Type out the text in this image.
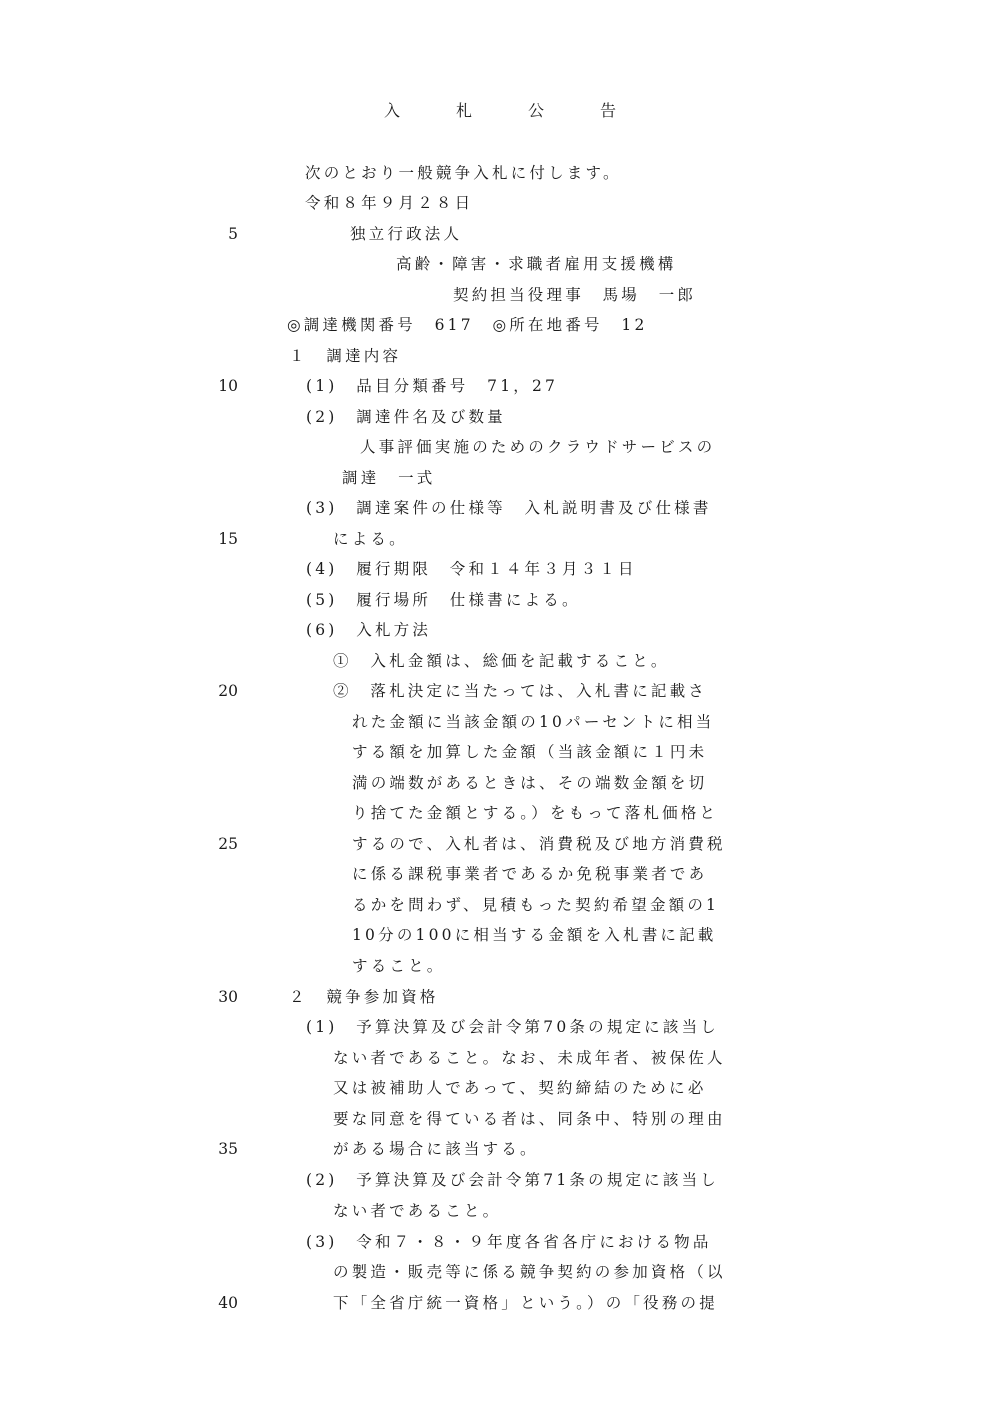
入　札　公　告
5
10
15
20
25
30
35
40
次のとおり一般競争入札に付します。
令和８年９月２８日
独立行政法人
高齢・障害・求職者雇用支援機構
契約担当役理事　馬場　一郎
◎調達機関番号　617　◎所在地番号　12
１　調達内容
(1)　品目分類番号　71，27
(2)　調達件名及び数量
人事評価実施のためのクラウドサービスの
調達　一式
(3)　調達案件の仕様等　入札説明書及び仕様書
による。
(4)　履行期限　令和１４年３月３１日
(5)　履行場所　仕様書による。
(6)　入札方法
①　入札金額は、総価を記載すること。
②　落札決定に当たっては、入札書に記載さ
れた金額に当該金額の10パーセントに相当
する額を加算した金額（当該金額に１円未
満の端数があるときは、その端数金額を切
り捨てた金額とする。）をもって落札価格と
するので、入札者は、消費税及び地方消費税
に係る課税事業者であるか免税事業者であ
るかを問わず、見積もった契約希望金額の1
10分の100に相当する金額を入札書に記載
すること。
２　競争参加資格
(1)　予算決算及び会計令第70条の規定に該当し
ない者であること。なお、未成年者、被保佐人
又は被補助人であって、契約締結のために必
要な同意を得ている者は、同条中、特別の理由
がある場合に該当する。
(2)　予算決算及び会計令第71条の規定に該当し
ない者であること。
(3)　令和７・８・９年度各省各庁における物品
の製造・販売等に係る競争契約の参加資格（以
下「全省庁統一資格」という。）の「役務の提
